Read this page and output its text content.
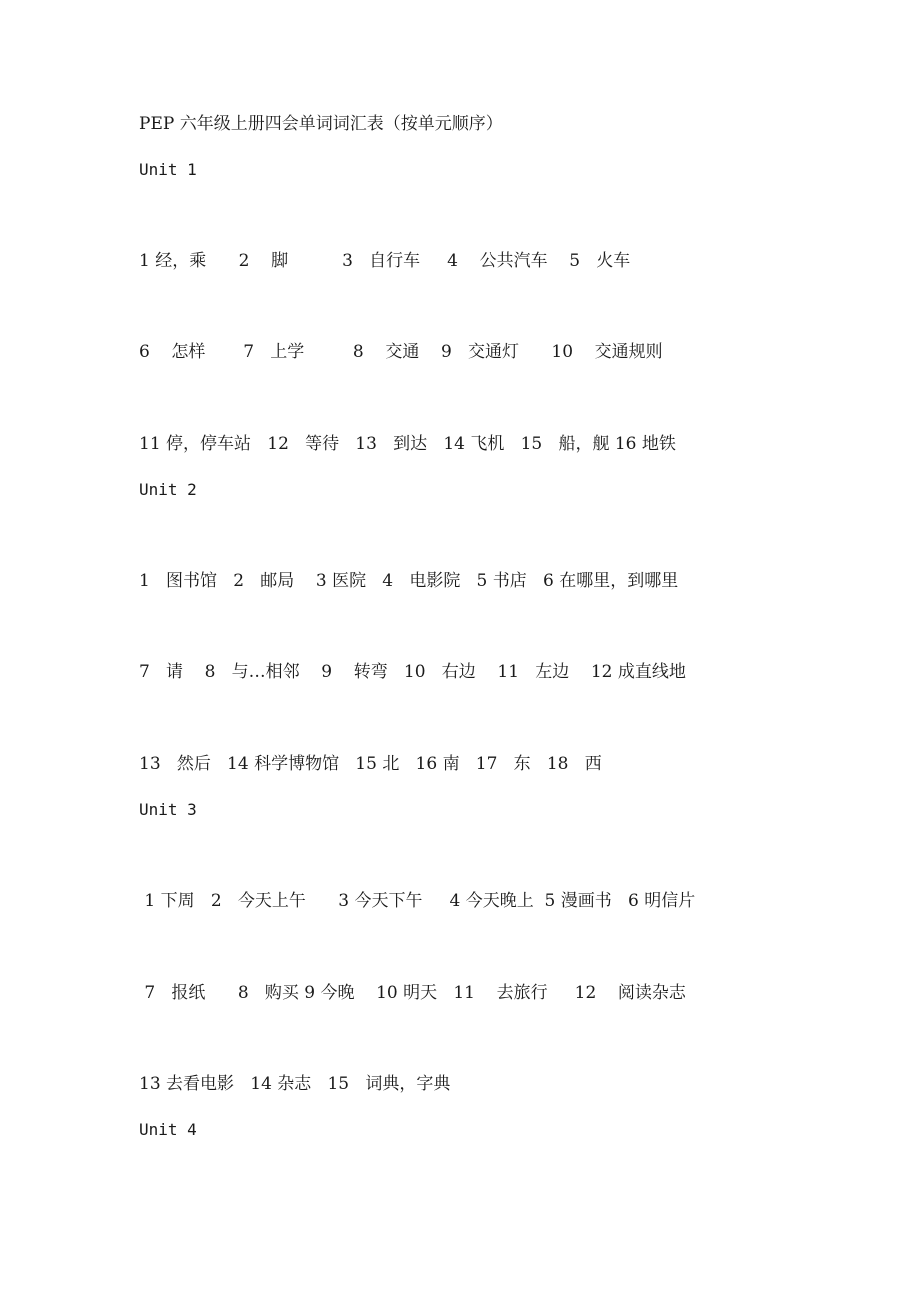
PEP 六年级上册四会单词词汇表（按单元顺序）
Unit 1
1 经，乘      2    脚          3   自行车     4    公共汽车    5   火车
6    怎样       7   上学         8    交通    9   交通灯      10    交通规则
11 停，停车站   12   等待   13   到达   14 飞机   15   船，舰 16 地铁
Unit 2
1   图书馆   2   邮局    3 医院   4   电影院   5 书店   6 在哪里，到哪里
7   请    8   与…相邻    9    转弯   10   右边    11   左边    12 成直线地
13   然后   14 科学博物馆   15 北   16 南   17   东   18   西
Unit 3
1 下周   2   今天上午      3 今天下午     4 今天晚上  5 漫画书   6 明信片
7   报纸      8   购买 9 今晚    10 明天   11    去旅行     12    阅读杂志
13 去看电影   14 杂志   15   词典，字典
Unit 4
